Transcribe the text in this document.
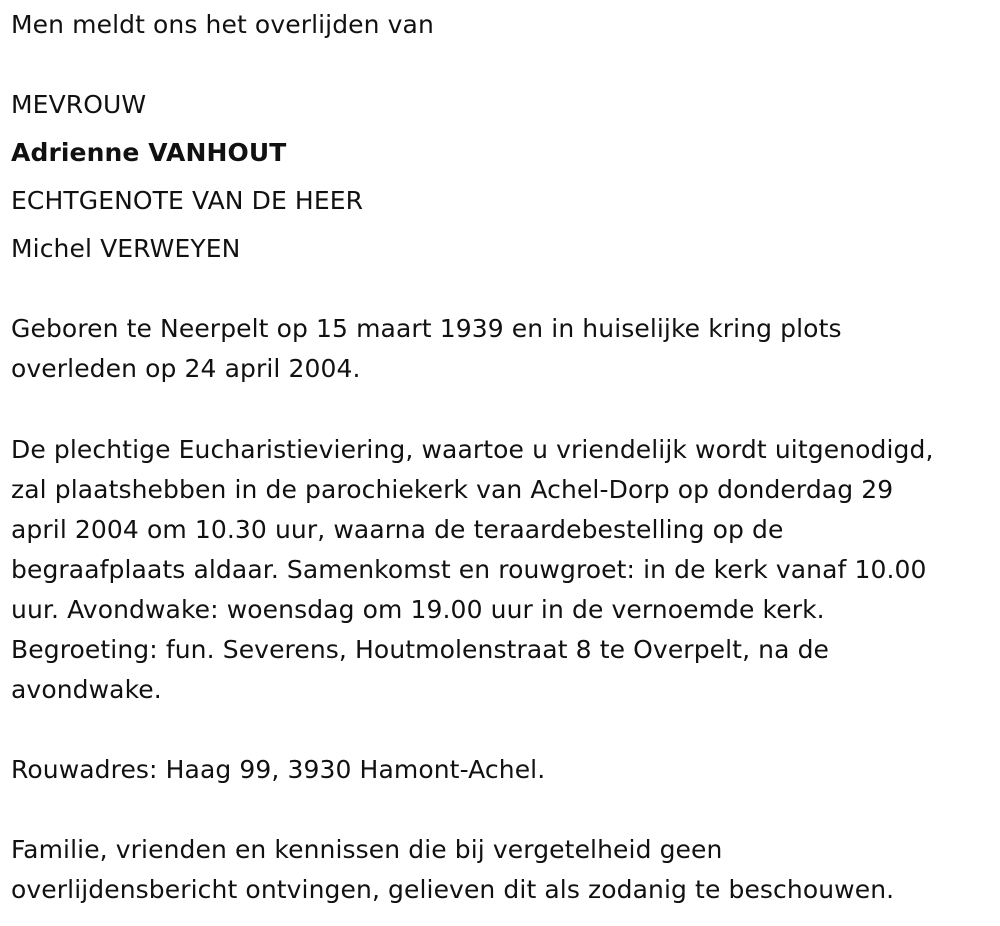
Men meldt ons het overlijden van
MEVROUW
Adrienne VANHOUT
ECHTGENOTE VAN DE HEER
Michel VERWEYEN
Geboren te Neerpelt op 15 maart 1939 en in huiselijke kring plots
overleden op 24 april 2004.
De plechtige Eucharistieviering, waartoe u vriendelijk wordt uitgenodigd,
zal plaatshebben in de parochiekerk van Achel-Dorp op donderdag 29
april 2004 om 10.30 uur, waarna de teraardebestelling op de
begraafplaats aldaar. Samenkomst en rouwgroet: in de kerk vanaf 10.00
uur. Avondwake: woensdag om 19.00 uur in de vernoemde kerk.
Begroeting: fun. Severens, Houtmolenstraat 8 te Overpelt, na de
avondwake.
Rouwadres: Haag 99, 3930 Hamont-Achel.
Familie, vrienden en kennissen die bij vergetelheid geen
overlijdensbericht ontvingen, gelieven dit als zodanig te beschouwen.
